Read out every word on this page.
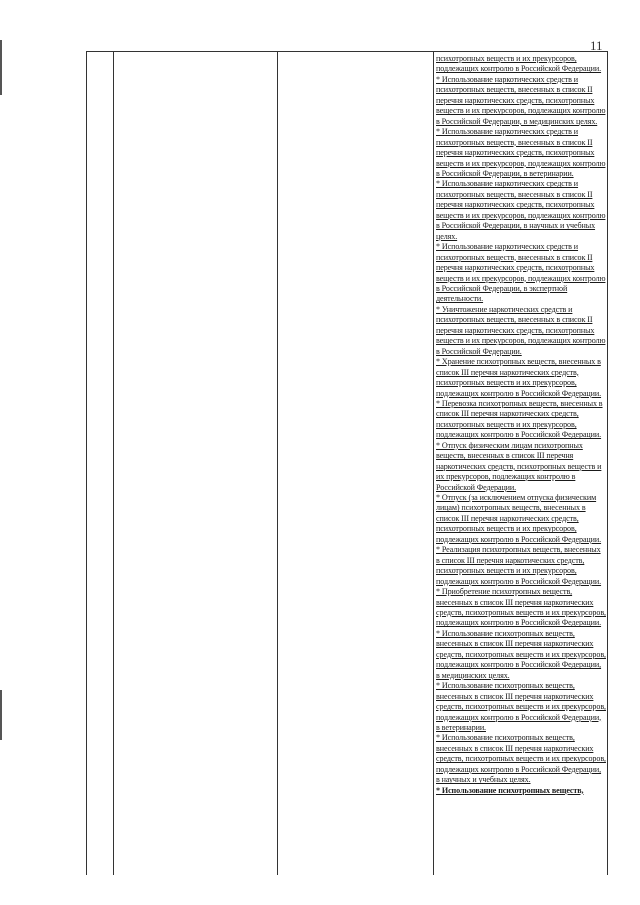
11

психотропных веществ и их прекурсоров, подлежащих контролю в Российской Федерации.

* Использование наркотических средств и психотропных веществ, внесенных в список II перечня наркотических средств, психотропных веществ и их прекурсоров, подлежащих контролю в Российской Федерации, в медицинских целях.

* Использование наркотических средств и психотропных веществ, внесенных в список II перечня наркотических средств, психотропных веществ и их прекурсоров, подлежащих контролю в Российской Федерации, в ветеринарии.

* Использование наркотических средств и психотропных веществ, внесенных в список II перечня наркотических средств, психотропных веществ и их прекурсоров, подлежащих контролю в Российской Федерации, в научных и учебных целях.

* Использование наркотических средств и психотропных веществ, внесенных в список II перечня наркотических средств, психотропных веществ и их прекурсоров, подлежащих контролю в Российской Федерации, в экспертной деятельности.

* Уничтожение наркотических средств и психотропных веществ, внесенных в список II перечня наркотических средств, психотропных веществ и их прекурсоров, подлежащих контролю в Российской Федерации.

* Хранение психотропных веществ, внесенных в список III перечня наркотических средств, психотропных веществ и их прекурсоров, подлежащих контролю в Российской Федерации.

* Перевозка психотропных веществ, внесенных в список III перечня наркотических средств, психотропных веществ и их прекурсоров, подлежащих контролю в Российской Федерации.

* Отпуск физическим лицам психотропных веществ, внесенных в список III перечня наркотических средств, психотропных веществ и их прекурсоров, подлежащих контролю в Российской Федерации.

* Отпуск (за исключением отпуска физическим лицам) психотропных веществ, внесенных в список III перечня наркотических средств, психотропных веществ и их прекурсоров, подлежащих контролю в Российской Федерации.

* Реализация психотропных веществ, внесенных в список III перечня наркотических средств, психотропных веществ и их прекурсоров, подлежащих контролю в Российской Федерации.

* Приобретение психотропных веществ, внесенных в список III перечня наркотических средств, психотропных веществ и их прекурсоров, подлежащих контролю в Российской Федерации.

* Использование психотропных веществ, внесенных в список III перечня наркотических средств, психотропных веществ и их прекурсоров, подлежащих контролю в Российской Федерации, в медицинских целях.

* Использование психотропных веществ, внесенных в список III перечня наркотических средств, психотропных веществ и их прекурсоров, подлежащих контролю в Российской Федерации, в ветеринарии.

* Использование психотропных веществ, внесенных в список III перечня наркотических средств, психотропных веществ и их прекурсоров, подлежащих контролю в Российской Федерации, в научных и учебных целях.

* Использование психотропных веществ,
